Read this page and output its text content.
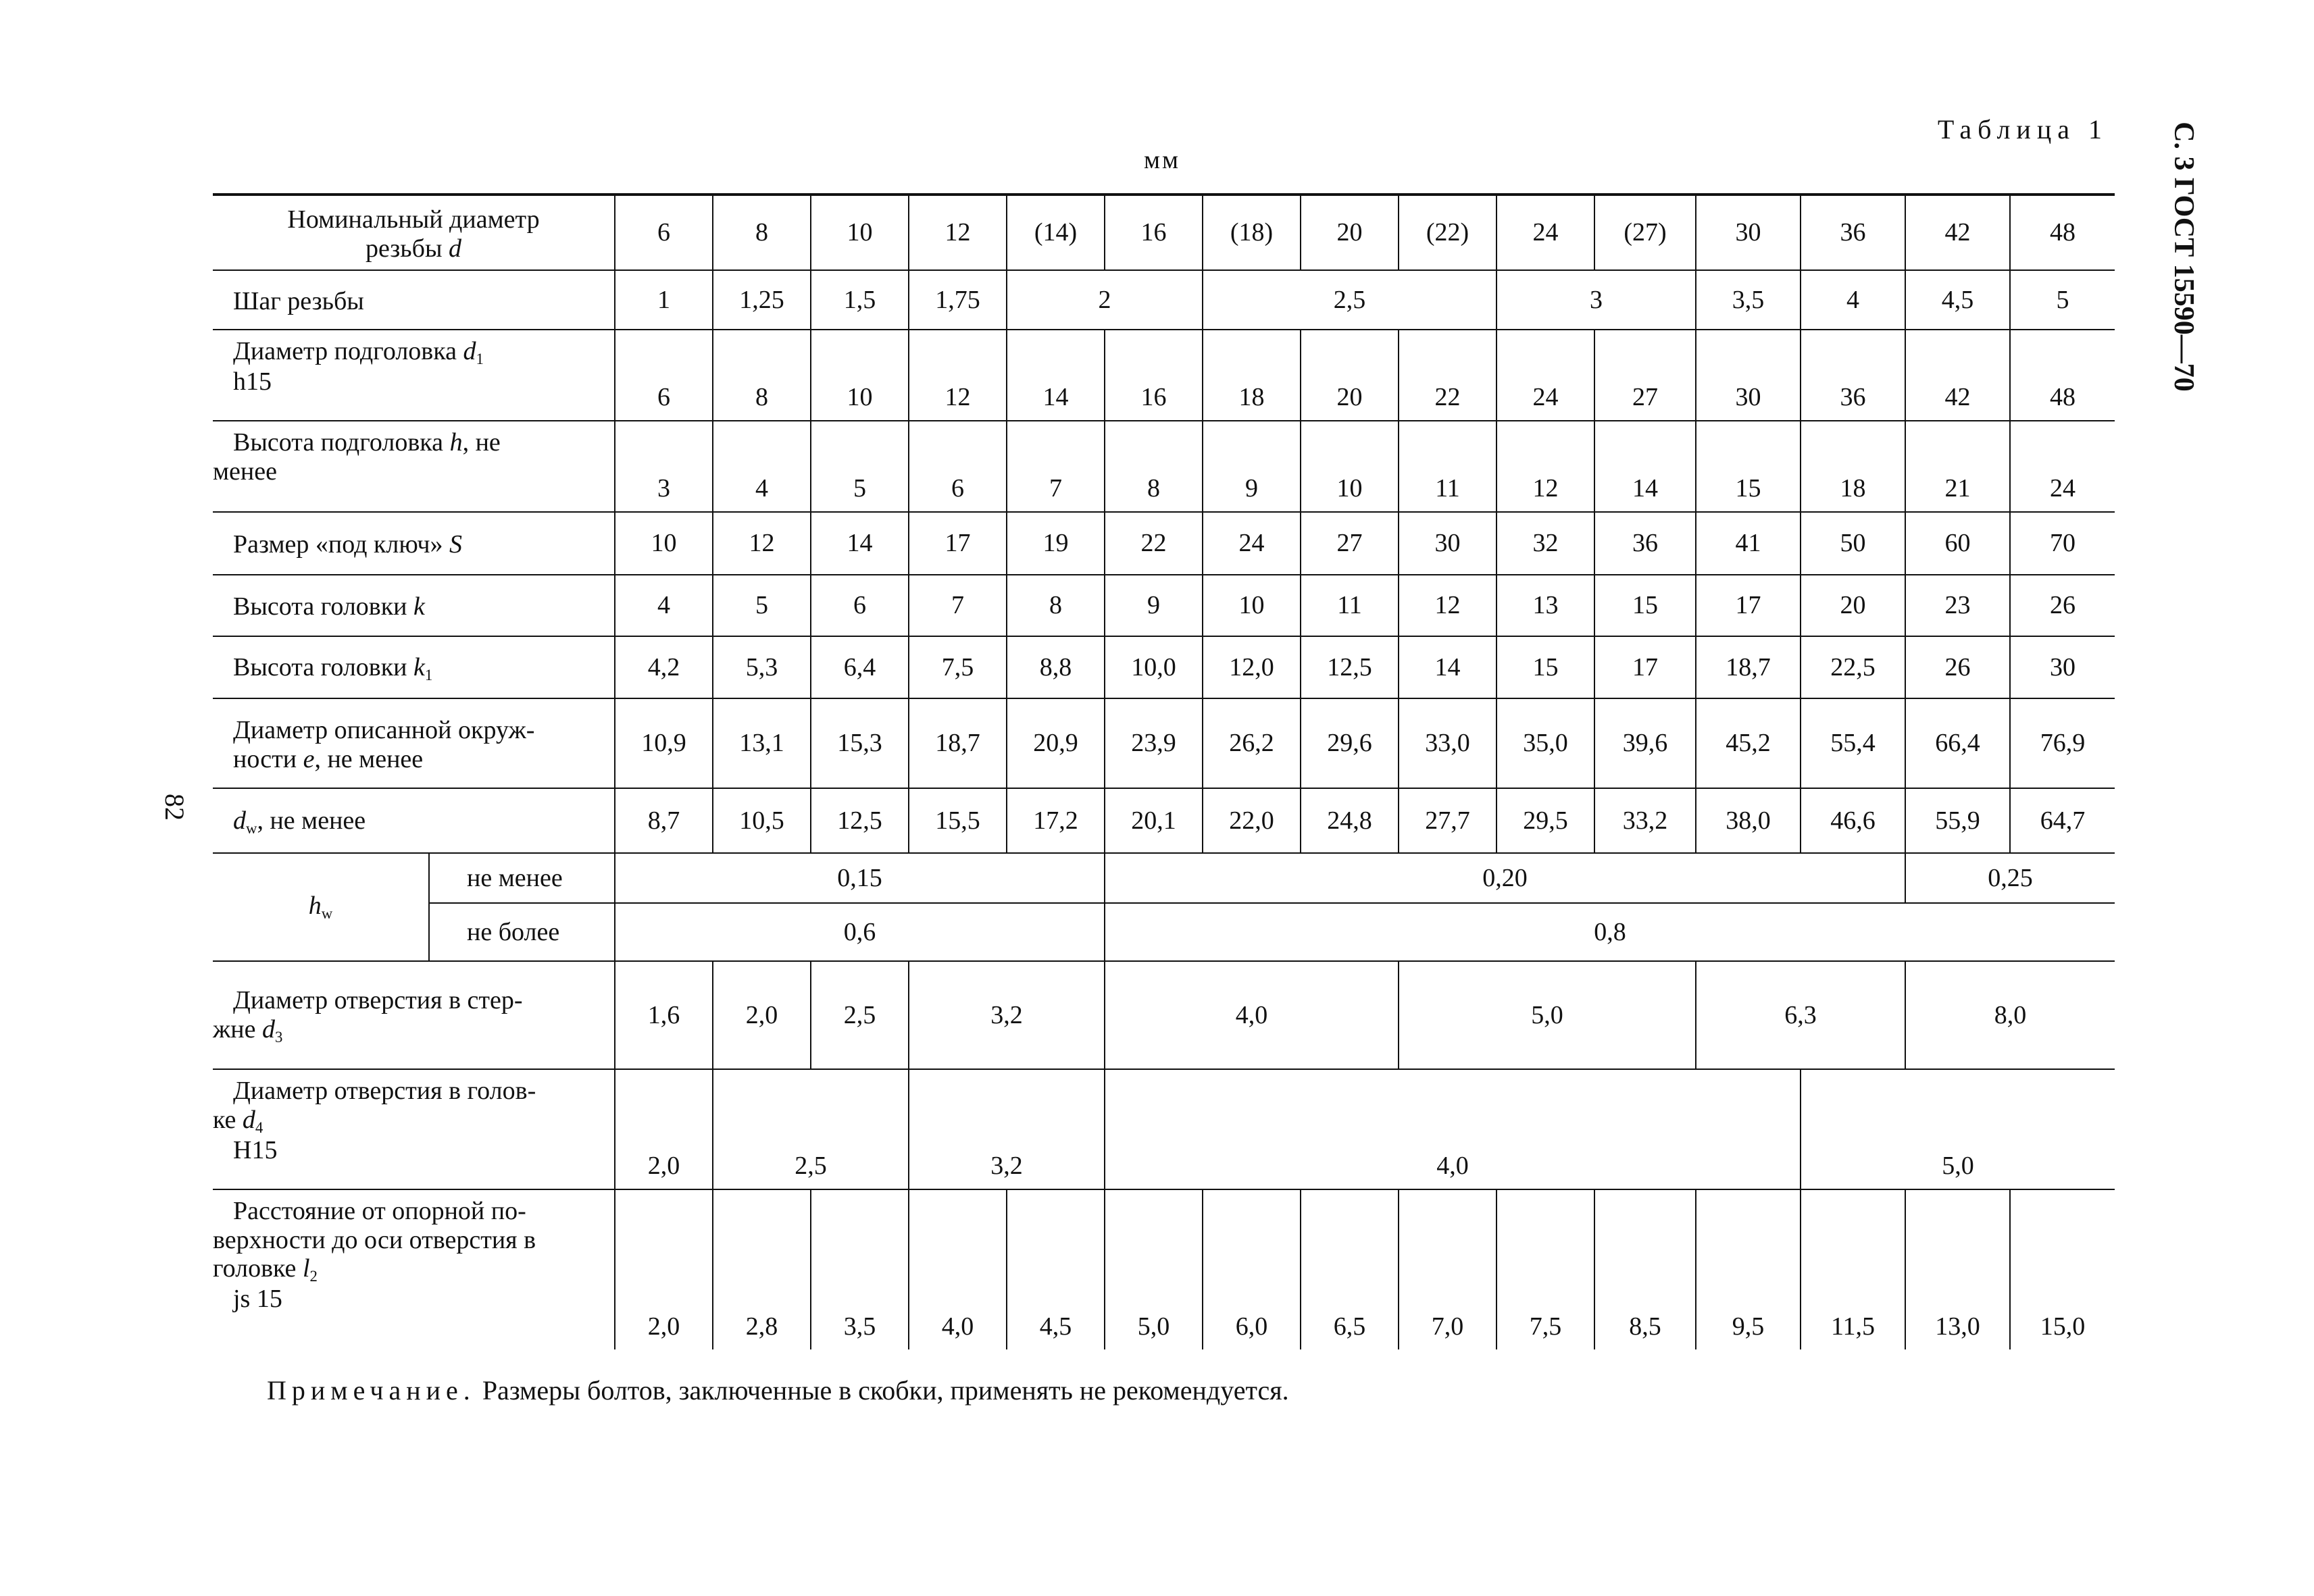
Таблица 1
мм
82
С. 3 ГОСТ 15590—70
Номинальный диаметр
резьбы d		6	8	10	12	(14)	16	(18)	20	(22)	24	(27)	30	36	42	48
Шаг резьбы		1	1,25	1,5	1,75	2		2,5			3		3,5	4	4,5	5
Диаметр подголовка $d_1$
h15		6	8	10	12	14	16	18	20	22	24	27	30	36	42	48
Высота подголовка h, не
менее		3	4	5	6	7	8	9	10	11	12	14	15	18	21	24
Размер «под ключ» S		10	12	14	17	19	22	24	27	30	32	36	41	50	60	70
Высота головки k		4	5	6	7	8	9	10	11	12	13	15	17	20	23	26
Высота головки $k_1$		4,2	5,3	6,4	7,5	8,8	10,0	12,0	12,5	14	15	17	18,7	22,5	26	30
Диаметр описанной окруж-
ности e, не менее		10,9	13,1	15,3	18,7	20,9	23,9	26,2	29,6	33,0	35,0	39,6	45,2	55,4	66,4	76,9
$d_w$, не менее		8,7	10,5	12,5	15,5	17,2	20,1	22,0	24,8	27,7	29,5	33,2	38,0	46,6	55,9	64,7
$h_w$	не менее	0,15					0,20								0,25	
	не более	0,6					0,8									
Диаметр отверстия в стер-
жне $d_3$		1,6	2,0	2,5	3,2		4,0			5,0			6,3		8,0	
Диаметр отверстия в голов-
ке $d_4$
Н15		2,0	2,5		3,2		4,0							5,0		
Расстояние от опорной по-
верхности до оси отверстия в
головке $l_2$
js 15		2,0	2,8	3,5	4,0	4,5	5,0	6,0	6,5	7,0	7,5	8,5	9,5	11,5	13,0	15,0
Примечание. Размеры болтов, заключенные в скобки, применять не рекомендуется.
